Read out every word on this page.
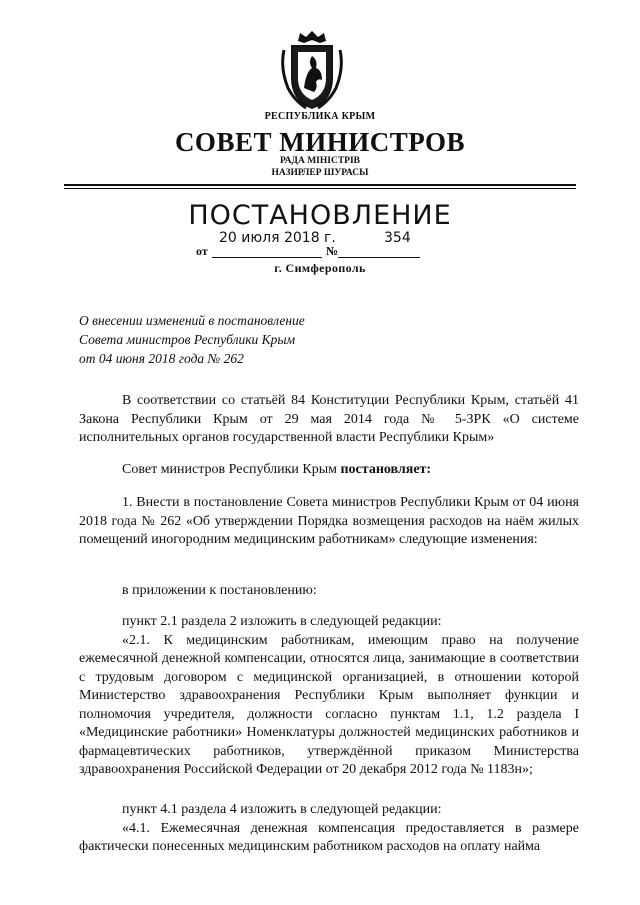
РЕСПУБЛИКА КРЫМ
СОВЕТ МИНИСТРОВ
РАДА МІНІСТРІВ
НАЗИРЛЕР ШУРАСЫ
ПОСТАНОВЛЕНИЕ
20 июля 2018 г.	354
от	№
г. Симферополь
О внесении изменений в постановление
Совета министров Республики Крым
от 04 июня 2018 года № 262
В соответствии со статьёй 84 Конституции Республики Крым, статьёй 41 Закона Республики Крым от 29 мая 2014 года № 5-ЗРК «О системе исполнительных органов государственной власти Республики Крым»
Совет министров Республики Крым постановляет:
1. Внести в постановление Совета министров Республики Крым от 04 июня 2018 года № 262 «Об утверждении Порядка возмещения расходов на наём жилых помещений иногородним медицинским работникам» следующие изменения:
в приложении к постановлению:
пункт 2.1 раздела 2 изложить в следующей редакции:
«2.1. К медицинским работникам, имеющим право на получение ежемесячной денежной компенсации, относятся лица, занимающие в соответствии с трудовым договором с медицинской организацией, в отношении которой Министерство здравоохранения Республики Крым выполняет функции и полномочия учредителя, должности согласно пунктам 1.1, 1.2 раздела I «Медицинские работники» Номенклатуры должностей медицинских работников и фармацевтических работников, утверждённой приказом Министерства здравоохранения Российской Федерации от 20 декабря 2012 года № 1183н»;
пункт 4.1 раздела 4 изложить в следующей редакции:
«4.1. Ежемесячная денежная компенсация предоставляется в размере фактически понесенных медицинским работником расходов на оплату найма
